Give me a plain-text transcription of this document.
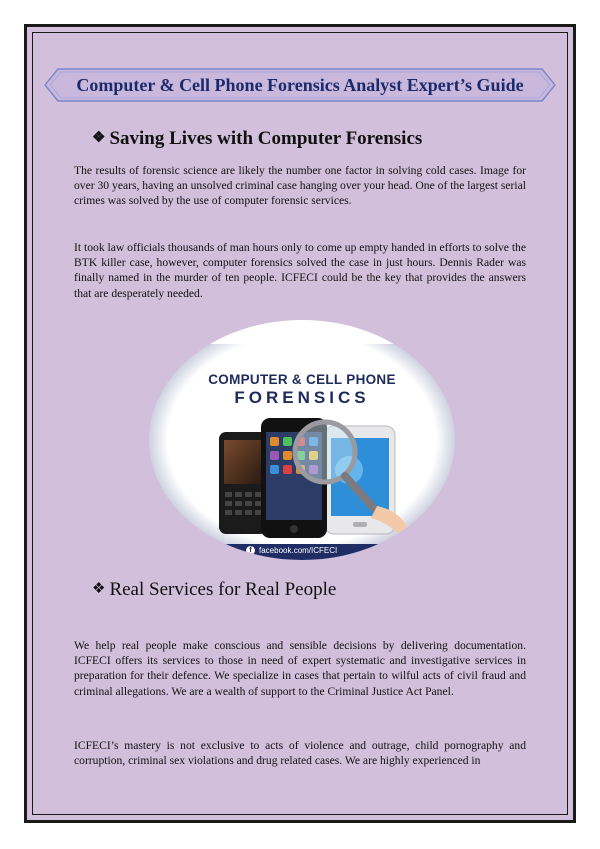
Computer & Cell Phone Forensics Analyst Expert’s Guide
❖ Saving Lives with Computer Forensics
The results of forensic science are likely the number one factor in solving cold cases. Image for over 30 years, having an unsolved criminal case hanging over your head. One of the largest serial crimes was solved by the use of computer forensic services.
It took law officials thousands of man hours only to come up empty handed in efforts to solve the BTK killer case, however, computer forensics solved the case in just hours. Dennis Rader was finally named in the murder of ten people. ICFECI could be the key that provides the answers that are desperately needed.
COMPUTER & CELL PHONE
FORENSICS
f facebook.com/ICFECI
❖ Real Services for Real People
We help real people make conscious and sensible decisions by delivering documentation. ICFECI offers its services to those in need of expert systematic and investigative services in preparation for their defence. We specialize in cases that pertain to wilful acts of civil fraud and criminal allegations. We are a wealth of support to the Criminal Justice Act Panel.
ICFECI’s mastery is not exclusive to acts of violence and outrage, child pornography and corruption, criminal sex violations and drug related cases. We are highly experienced in
